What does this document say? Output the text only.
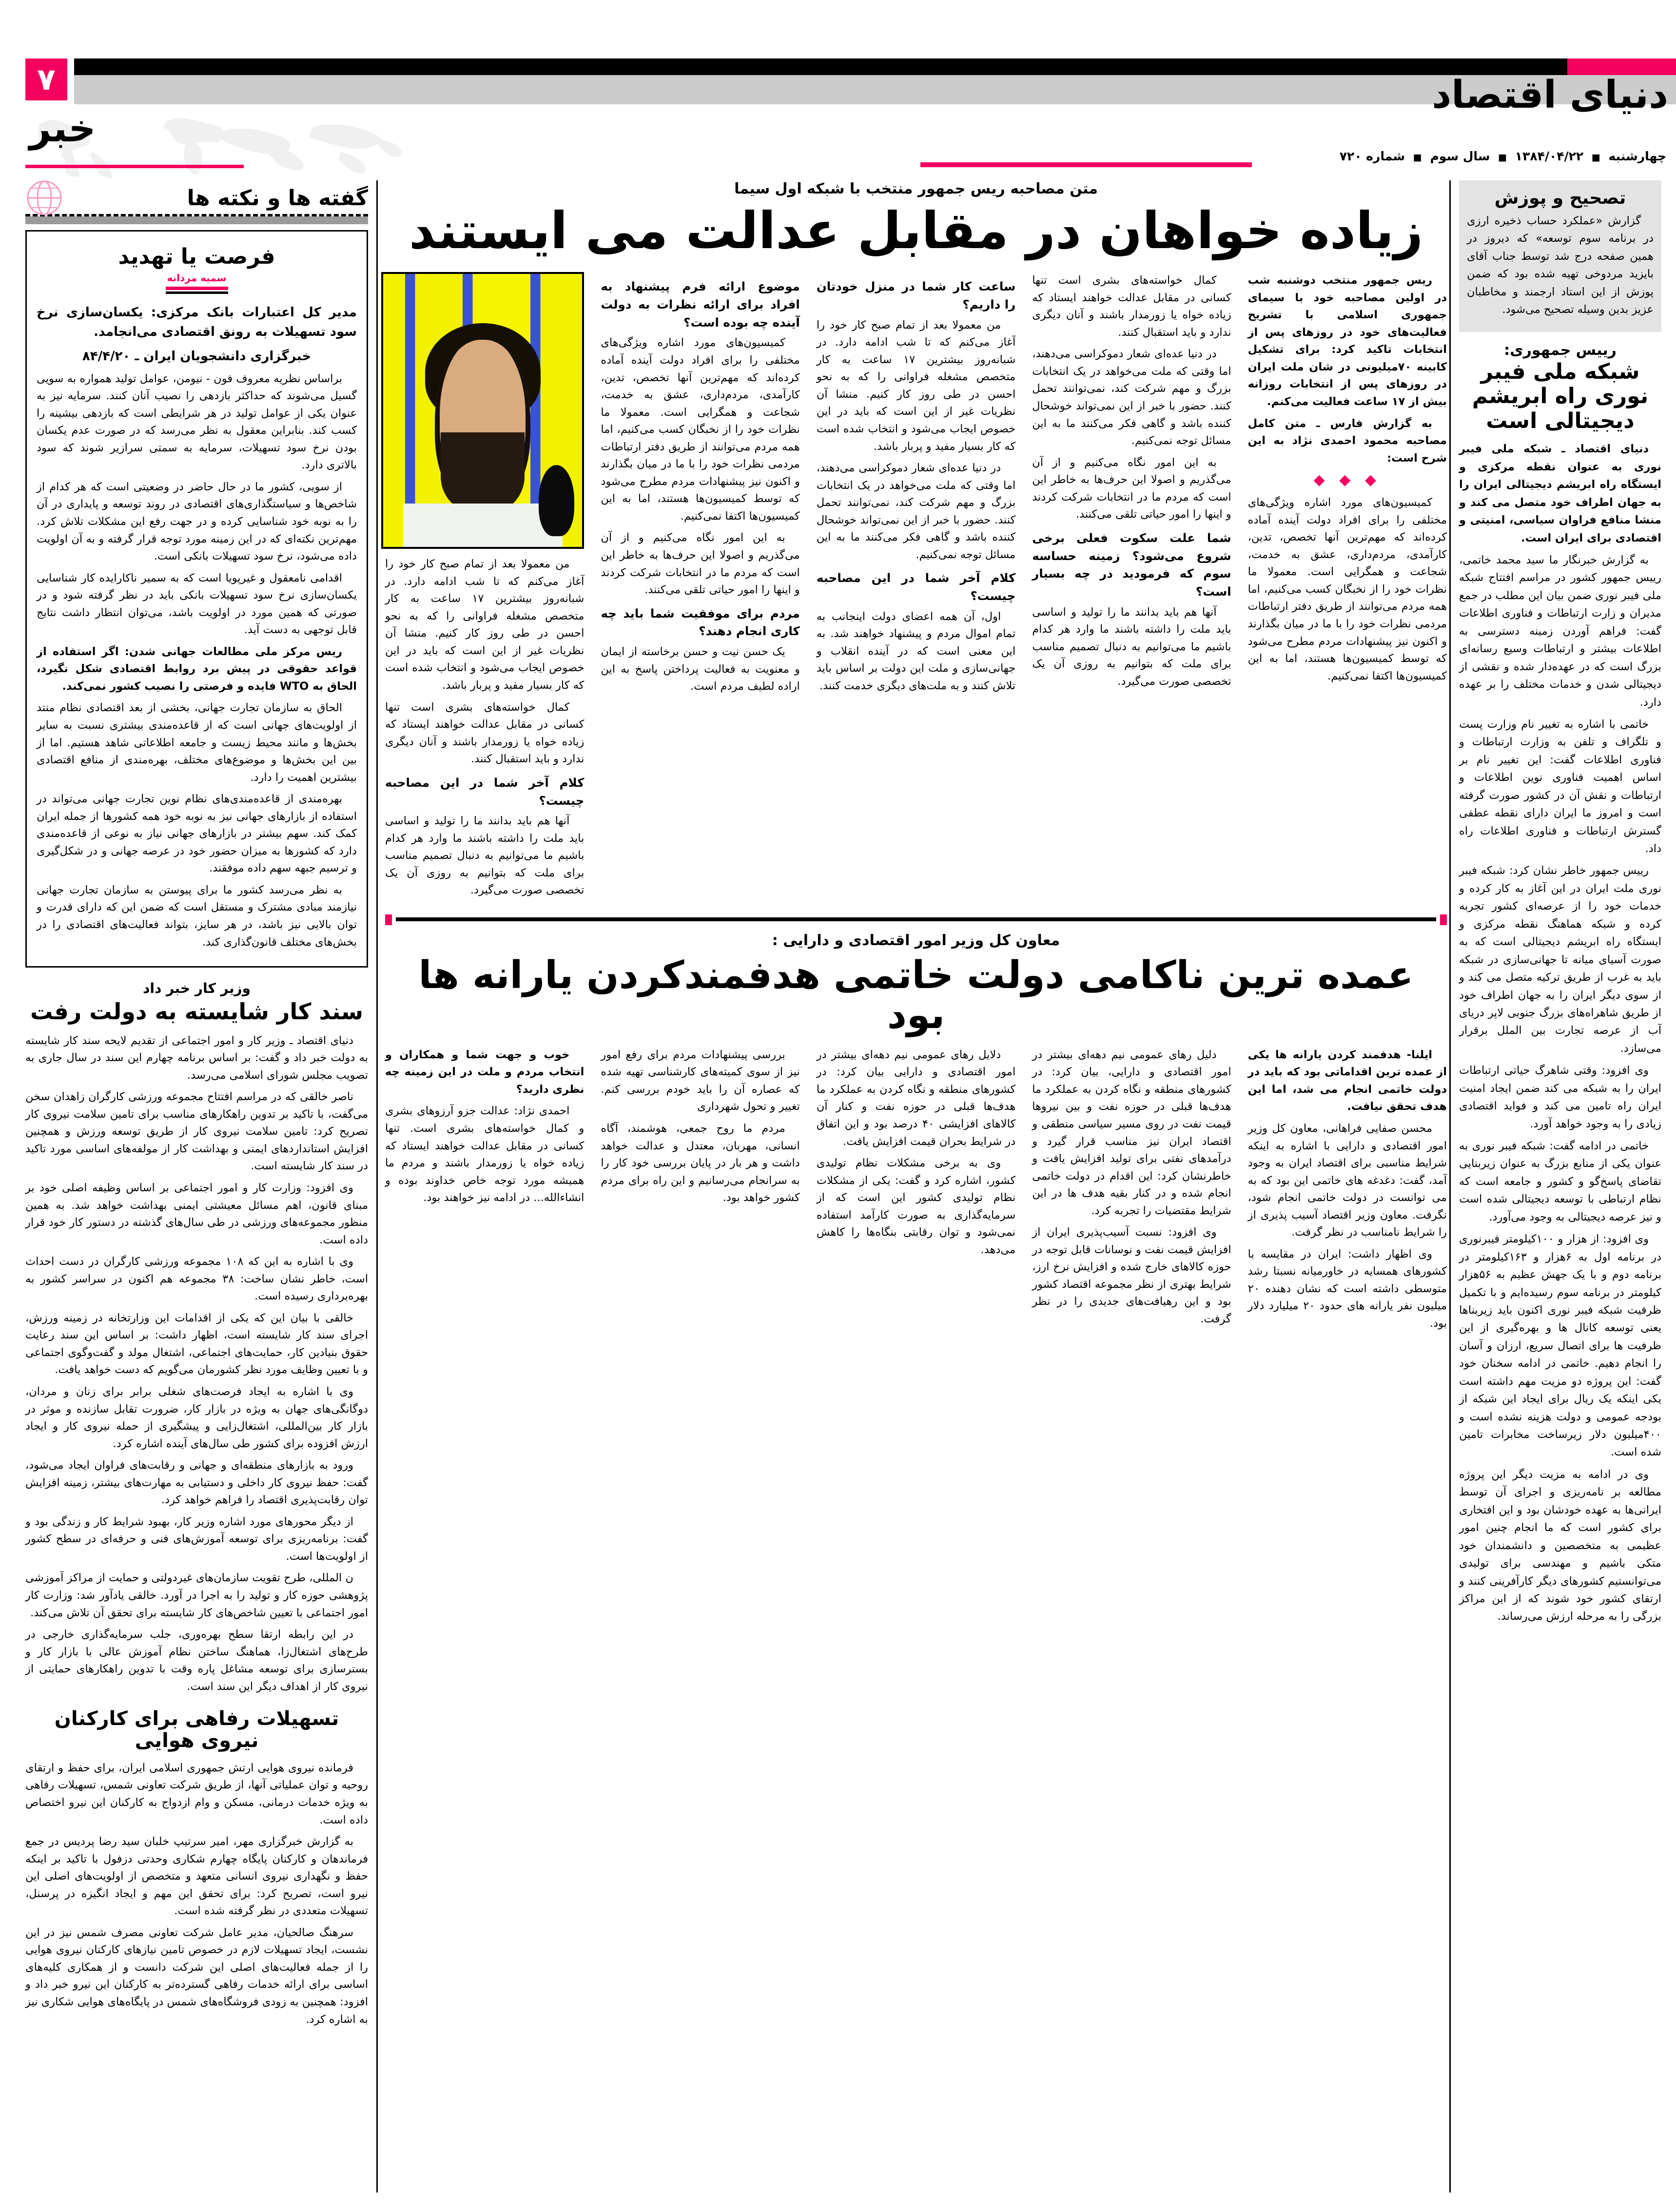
۷	دنیای اقتصاد
خبر
چهارشنبه ■ ۱۳۸۴/۰۴/۲۲ ■ سال سوم ■ شماره ۷۲۰
گفته ها و نکته ها
فرصت یا تهدید
سمیه مردانه
مدیر کل اعتبارات بانک مرکزی: یکسان‌سازی نرخ سود تسهیلات به رونق اقتصادی می‌انجامد.
خبرگزاری دانشجویان ایران ـ ۸۴/۴/۲۰

براساس نظریه معروف فون - نیومن، عوامل تولید همواره به سویی گسیل می‌شوند که حداکثر بازدهی را نصیب آنان کنند. سرمایه نیز به عنوان یکی از عوامل تولید در هر شرایطی است که بازدهی بیشینه را کسب کند. بنابراین معقول به نظر می‌رسد که در صورت عدم یکسان بودن نرخ سود تسهیلات، سرمایه به سمتی سرازیر شوند که سود بالاتری دارد.

از سویی، کشور ما در حال حاضر در وضعیتی است که هر کدام از شاخص‌ها و سیاستگذاری‌های اقتصادی در روند توسعه و پایداری در آن را به نوبه خود شناسایی کرده و در جهت رفع این مشکلات تلاش کرد. مهم‌ترین نکته‌ای که در این زمینه مورد توجه قرار گرفته و به آن اولویت داده می‌شود، نرخ سود تسهیلات بانکی است.

اقدامی نامعقول و غیرپویا است که به سمیر ناکارایده کار شناسایی یکسان‌سازی نرخ سود تسهیلات بانکی باید در نظر گرفته شود و در صورتی که همین مورد در اولویت باشد، می‌توان انتظار داشت نتایج قابل توجهی به دست آید.

ریس مرکز ملی مطالعات جهانی شدن: اگر استفاده از قواعد حقوقی در پیش برد روابط اقتصادی شکل نگیرد، الحاق به WTO فایده و فرصتی را نصیب کشور نمی‌کند.

الحاق به سازمان تجارت جهانی، بخشی از بعد اقتصادی نظام منتد از اولویت‌های جهانی است که از قاعده‌مندی بیشتری نسبت به سایر بخش‌ها و مانند محیط زیست و جامعه اطلاعاتی شاهد هستیم. اما از بین این بخش‌ها و موضوع‌های مختلف، بهره‌مندی از منافع اقتصادی بیشترین اهمیت را دارد.

بهره‌مندی از قاعده‌مندی‌های نظام نوین تجارت جهانی می‌تواند در استفاده از بازارهای جهانی نیز به نوبه خود همه کشورها از جمله ایران کمک کند. سهم بیشتر در بازارهای جهانی نیاز به نوعی از قاعده‌مندی دارد که کشورها به میزان حضور خود در عرصه جهانی و در شکل‌گیری و ترسیم جبهه سهم داده موفقند.

به نظر می‌رسد کشور ما برای پیوستن به سازمان تجارت جهانی نیازمند مبادی مشترک و مستقل است که ضمن این که دارای قدرت و توان بالایی نیز باشد، در هر سایز، بتواند فعالیت‌های اقتصادی را در بخش‌های مختلف قانون‌گذاری کند.

وزیر کار خبر داد
سند کار شایسته به دولت رفت

دنیای اقتصاد ـ وزیر کار و امور اجتماعی از تقدیم لایحه سند کار شایسته به دولت خبر داد و گفت: بر اساس برنامه چهارم این سند در سال جاری به تصویب مجلس شورای اسلامی می‌رسد.

ناصر خالقی که در مراسم افتتاح مجموعه ورزشی کارگران زاهدان سخن می‌گفت، با تاکید بر تدوین راهکارهای مناسب برای تامین سلامت نیروی کار تصریح کرد: تامین سلامت نیروی کار از طریق توسعه ورزش و همچنین افزایش استانداردهای ایمنی و بهداشت کار از مولفه‌های اساسی مورد تاکید در سند کار شایسته است.

وی افزود: وزارت کار و امور اجتماعی بر اساس وظیفه اصلی خود بر مبنای قانون، اهم مسائل معیشتی ایمنی بهداشت خواهد شد. به همین منظور مجموعه‌های ورزشی در طی سال‌های گذشته در دستور کار خود قرار داده است.

وی با اشاره به این که ۱۰۸ مجموعه ورزشی کارگران در دست احداث است، خاطر نشان ساخت: ۳۸ مجموعه هم اکنون در سراسر کشور به بهره‌برداری رسیده است.

خالقی با بیان این که یکی از اقدامات این وزارتخانه در زمینه ورزش، اجرای سند کار شایسته است، اظهار داشت: بر اساس این سند رعایت حقوق بنیادین کار، حمایت‌های اجتماعی، اشتغال مولد و گفت‌وگوی اجتماعی و با تعیین وظایف مورد نظر کشورمان می‌گویم که دست خواهد یافت.

وی با اشاره به ایجاد فرصت‌های شغلی برابر برای زنان و مردان، دوگانگی‌های جهان به ویژه در بازار کار، ضرورت تقابل سازنده و موثر در بازار کار بین‌المللی، اشتغال‌زایی و پیشگیری از حمله نیروی کار و ایجاد ارزش افزوده برای کشور طی سال‌های آینده اشاره کرد.

ورود به بازارهای منطقه‌ای و جهانی و رقابت‌های فراوان ایجاد می‌شود، گفت: حفظ نیروی کار داخلی و دستیابی به مهارت‌های بیشتر، زمینه افزایش توان رقابت‌پذیری اقتصاد را فراهم خواهد کرد.

از دیگر محورهای مورد اشاره وزیر کار، بهبود شرایط کار و زندگی بود و گفت: برنامه‌ریزی برای توسعه آموزش‌های فنی و حرفه‌ای در سطح کشور از اولویت‌ها است.

ن المللی، طرح تقویت سازمان‌های غیردولتی و حمایت از مراکز آموزشی پژوهشی حوزه کار و تولید را به اجرا در آورد. خالقی یادآور شد: وزارت کار امور اجتماعی با تعیین شاخص‌های کار شایسته برای تحقق آن تلاش می‌کند.

در این رابطه ارتقا سطح بهره‌وری، جلب سرمایه‌گذاری خارجی در طرح‌های اشتغال‌زا، هماهنگ ساختن نظام آموزش عالی با بازار کار و بستر‌سازی برای توسعه مشاغل پاره وقت با تدوین راهکارهای حمایتی از نیروی کار از اهداف دیگر این سند است.

تسهیلات رفاهی برای کارکنان نیروی هوایی

فرمانده نیروی هوایی ارتش جمهوری اسلامی ایران، برای حفظ و ارتقای روحیه و توان عملیاتی آنها، از طریق شرکت تعاونی شمس، تسهیلات رفاهی به ویژه خدمات درمانی، مسکن و وام ازدواج به کارکنان این نیرو اختصاص داده است.

به گزارش خبرگزاری مهر، امیر سرتیپ خلبان سید رضا پردیس در جمع فرماندهان و کارکنان پایگاه چهارم شکاری وحدتی دزفول با تاکید بر اینکه حفظ و نگهداری نیروی انسانی متعهد و متخصص از اولویت‌های اصلی این نیرو است، تصریح کرد: برای تحقق این مهم و ایجاد انگیزه در پرسنل، تسهیلات متعددی در نظر گرفته شده است.

سرهنگ صالحیان، مدیر عامل شرکت تعاونی مصرف شمس نیز در این نشست، ایجاد تسهیلات لازم در خصوص تامین نیازهای کارکنان نیروی هوایی را از جمله فعالیت‌های اصلی این شرکت دانست و از همکاری کلیه‌های اساسی برای ارائه خدمات رفاهی گسترده‌تر به کارکنان این نیرو خبر داد و افزود: همچنین به زودی فروشگاه‌های شمس در پایگاه‌های هوایی شکاری نیز به اشاره کرد.

متن مصاحبه ریس جمهور منتخب با شبکه اول سیما
زیاده خواهان در مقابل عدالت می ایستند

ریس جمهور منتخب دوشنبه شب در اولین مصاحبه خود با سیمای جمهوری اسلامی با تشریح فعالیت‌های خود در روزهای پس از انتخابات تاکید کرد: برای تشکیل کابینه ۷۰میلیونی در شان ملت ایران در روزهای پس از انتخابات روزانه بیش از ۱۷ ساعت فعالیت می‌کنم.

به گزارش فارس ـ متن کامل مصاحبه محمود احمدی نژاد به این شرح است:

◆ ◆ ◆

کمیسیون‌های مورد اشاره ویژگی‌های مختلفی را برای افراد دولت آینده آماده کرده‌اند که مهم‌ترین آنها تخصص، تدین، کارآمدی، مردم‌داری، عشق به خدمت، شجاعت و همگرایی است. معمولا ما نظرات خود را از نخبگان کسب می‌کنیم، اما همه مردم می‌توانند از طریق دفتر ارتباطات مردمی نظرات خود را با ما در میان بگذارند و اکنون نیز پیشنهادات مردم مطرح می‌شود که توسط کمیسیون‌ها هستند، اما به این کمیسیون‌ها اکتفا نمی‌کنیم.

کمال خواسته‌های بشری است تنها کسانی در مقابل عدالت خواهند ایستاد که زیاده خواه یا زورمدار باشند و آنان دیگری ندارد و باید استقبال کنند.

در دنیا عده‌ای شعار دموکراسی می‌دهند، اما وقتی که ملت می‌خواهد در یک انتخابات بزرگ و مهم شرکت کند، نمی‌توانند تحمل کنند. حضور با خبر از این نمی‌تواند خوشحال کننده باشد و گاهی فکر می‌کنند ما به این مسائل توجه نمی‌کنیم.

به این امور نگاه می‌کنیم و از آن می‌گذریم و اصولا این حرف‌ها به خاطر این است که مردم ما در انتخابات شرکت کردند و اینها را امور حیاتی تلقی می‌کنند.

شما علت سکوت فعلی برخی شروع می‌شود؟ زمینه حساسه سوم که فرمودید در چه بسیار است؟

آنها هم باید بدانند ما را تولید و اساسی باید ملت را داشته باشند ما وارد هر کدام باشیم ما می‌توانیم به دنبال تصمیم مناسب برای ملت که بتوانیم به روزی آن یک تخصصی صورت می‌گیرد.

ساعت کار شما در منزل خودتان را داریم؟

من معمولا بعد از تمام صبح کار خود را آغاز می‌کنم که تا شب ادامه دارد. در شبانه‌روز بیشترین ۱۷ ساعت به کار متخصص مشغله فراوانی را که به نحو احسن در طی روز کار کنیم. منشا آن نظریات غیر از این است که باید در این خصوص ایجاب می‌شود و انتخاب شده است که کار بسیار مفید و پربار باشد.

در دنیا عده‌ای شعار دموکراسی می‌دهند، اما وقتی که ملت می‌خواهد در یک انتخابات بزرگ و مهم شرکت کند، نمی‌توانند تحمل کنند. حضور با خبر از این نمی‌تواند خوشحال کننده باشد و گاهی فکر می‌کنند ما به این مسائل توجه نمی‌کنیم.

کلام آخر شما در این مصاحبه چیست؟

اول، آن همه اعضای دولت اینجانب به تمام اموال مردم و پیشنهاد خواهند شد. به این معنی است که در آینده انقلاب و جهانی‌سازی و ملت این دولت بر اساس باید تلاش کنند و به ملت‌های دیگری خدمت کنند.

موضوع ارائه فرم پیشنهاد به افراد برای ارائه نظرات به دولت آینده چه بوده است؟

کمیسیون‌های مورد اشاره ویژگی‌های مختلفی را برای افراد دولت آینده آماده کرده‌اند که مهم‌ترین آنها تخصص، تدین، کارآمدی، مردم‌داری، عشق به خدمت، شجاعت و همگرایی است. معمولا ما نظرات خود را از نخبگان کسب می‌کنیم، اما همه مردم می‌توانند از طریق دفتر ارتباطات مردمی نظرات خود را با ما در میان بگذارند و اکنون نیز پیشنهادات مردم مطرح می‌شود که توسط کمیسیون‌ها هستند، اما به این کمیسیون‌ها اکتفا نمی‌کنیم.

به این امور نگاه می‌کنیم و از آن می‌گذریم و اصولا این حرف‌ها به خاطر این است که مردم ما در انتخابات شرکت کردند و اینها را امور حیاتی تلقی می‌کنند.

مردم برای موفقیت شما باید چه کاری انجام دهند؟

یک حسن نیت و حسن برخاسته از ایمان و معنویت به فعالیت پرداختن پاسخ به این اراده لطیف مردم است.

من معمولا بعد از تمام صبح کار خود را آغاز می‌کنم که تا شب ادامه دارد. در شبانه‌روز بیشترین ۱۷ ساعت به کار متخصص مشغله فراوانی را که به نحو احسن در طی روز کار کنیم. منشا آن نظریات غیر از این است که باید در این خصوص ایجاب می‌شود و انتخاب شده است که کار بسیار مفید و پربار باشد.

کمال خواسته‌های بشری است تنها کسانی در مقابل عدالت خواهند ایستاد که زیاده خواه یا زورمدار باشند و آنان دیگری ندارد و باید استقبال کنند.

کلام آخر شما در این مصاحبه چیست؟

آنها هم باید بدانند ما را تولید و اساسی باید ملت را داشته باشند ما وارد هر کدام باشیم ما می‌توانیم به دنبال تصمیم مناسب برای ملت که بتوانیم به روزی آن یک تخصصی صورت می‌گیرد.

معاون کل وزیر امور اقتصادی و دارایی :
عمده ترین ناکامی دولت خاتمی هدفمندکردن یارانه ها بود

ایلنا- هدفمند کردن یارانه ها یکی از عمده ترین اقداماتی بود که باید در دولت خاتمی انجام می شد، اما این هدف تحقق نیافت.

محسن صفایی فراهانی، معاون کل وزیر امور اقتصادی و دارایی با اشاره به اینکه شرایط مناسبی برای اقتصاد ایران به وجود آمد، گفت: دغدغه های خاتمی این بود که به می توانست در دولت خاتمی انجام شود، نگرفت. معاون وزیر اقتصاد آسیب پذیری از را شرایط نامناسب در نظر گرفت.

وی اظهار داشت: ایران در مقایسه با کشورهای همسایه در خاورمیانه نسبتا رشد متوسطی داشته است که نشان دهنده ۲۰ میلیون نفر یارانه های حدود ۲۰ میلیارد دلار بود.

دلیل رهای عمومی نیم دهه‌ای بیشتر در امور اقتصادی و دارایی، بیان کرد: در کشورهای منطقه و نگاه کردن به عملکرد ما هدف‌ها قبلی در حوزه نفت و بین نیروها قیمت نفت در روی مسیر سیاسی منطقی و اقتصاد ایران نیز مناسب قرار گیرد و درآمدهای نفتی برای تولید افزایش یافت و خاطرنشان کرد: این اقدام در دولت خاتمی انجام شده و در کنار بقیه هدف ها در این شرایط مقتضیات را تجربه کرد.

وی افزود: نسبت آسیب‌پذیری ایران از افزایش قیمت نفت و نوسانات قابل توجه در حوزه کالاهای خارج شده و افزایش نرخ ارز، شرایط بهتری از نظر مجموعه اقتصاد کشور بود و این رهیافت‌های جدیدی را در نظر گرفت.

دلایل رهای عمومی نیم دهه‌ای بیشتر در امور اقتصادی و دارایی بیان کرد: در کشورهای منطقه و نگاه کردن به عملکرد ما هدف‌ها قبلی در حوزه نفت و کنار آن کالا‌های افزایشی ۴۰ درصد بود و این اتفاق در شرایط بحران قیمت افزایش یافت.

وی به برخی مشکلات نظام تولیدی کشور، اشاره کرد و گفت: یکی از مشکلات نظام تولیدی کشور این است که از سرمایه‌گذاری به صورت کارآمد استفاده نمی‌شود و توان رقابتی بنگاه‌ها را کاهش می‌دهد.

بررسی پیشنهادات مردم برای رفع امور نیز از سوی کمیته‌های کارشناسی تهیه شده که عصاره آن را باید خودم بررسی کنم. تغییر و تحول شهرداری

مردم ما روح جمعی، هوشمند، آگاه انسانی، مهربان، معتدل و عدالت خواهد داشت و هر بار در پایان بررسی خود کار را به سرانجام می‌رسانیم و این راه برای مردم کشور خواهد بود.

خوب و جهت شما و همکاران و انتخاب مردم و ملت در این زمینه چه نظری دارید؟

احمدی نژاد: عدالت جزو آرزوهای بشری و کمال خواسته‌های بشری است. تنها کسانی در مقابل عدالت خواهند ایستاد که زیاده خواه یا زورمدار باشند و مردم ما همیشه مورد توجه خاص خداوند بوده و انشاءالله... در ادامه نیز خواهند بود.

تصحیح و پوزش

گزارش «عملکرد حساب ذخیره ارزی در برنامه سوم توسعه» که دیروز در همین صفحه درج شد توسط جناب آقای بایزید مردوخی تهیه شده بود که ضمن پوزش از این استاد ارجمند و مخاطبان عزیز بدین وسیله تصحیح می‌شود.

رییس جمهوری:
شبکه ملی فیبر نوری راه ابریشم دیجیتالی است

دنیای اقتصاد ـ شبکه ملی فیبر نوری به عنوان نقطه مرکزی و ایستگاه راه ابریشم دیجیتالی ایران را به جهان اطراف خود متصل می کند و منشا منافع فراوان سیاسی، امنیتی و اقتصادی برای ایران است.

به گزارش خبرنگار ما سید محمد خاتمی، رییس جمهور کشور در مراسم افتتاح شبکه ملی فیبر نوری ضمن بیان این مطلب در جمع مدیران و زارت ارتباطات و فناوری اطلاعات گفت: فراهم آوردن زمینه دسترسی به اطلاعات بیشتر و ارتباطات وسیع رسانه‌ای بزرگ است که در عهده‌دار شده و نقشی از دیجیتالی شدن و خدمات مختلف را بر عهده دارد.

خاتمی با اشاره به تغییر نام وزارت پست و تلگراف و تلفن به وزارت ارتباطات و فناوری اطلاعات گفت: این تغییر نام بر اساس اهمیت فناوری نوین اطلاعات و ارتباطات و نقش آن در کشور صورت گرفته است و امروز ما ایران دارای نقطه عطفی گسترش ارتباطات و فناوری اطلاعات راه داد.

رییس جمهور خاطر نشان کرد: شبکه فیبر نوری ملت ایران در این آغاز به کار کرده و خدمات خود را از عرصه‌ای کشور تجربه کرده و شبکه هماهنگ نقطه مرکزی و ایستگاه راه ابریشم دیجیتالی است که به صورت آسیای میانه تا جهانی‌سازی در شبکه باید به غرب از طریق ترکیه متصل می کند و از سوی دیگر ایران را به جهان اطراف خود از طریق شاهراه‌های بزرگ جنوبی لاپر دریای آب از عرصه تجارت بین الملل برقرار می‌سازد.

وی افزود: وقتی شاهرگ حیاتی ارتباطات ایران را به شبکه می کند ضمن ایجاد امنیت ایران راه تامین می کند و فواید اقتصادی زیادی را به وجود خواهد آورد.

خاتمی در ادامه گفت: شبکه فیبر نوری به عنوان یکی از منابع بزرگ به عنوان زیربنایی تقاضای پاسخ‌گو و کشور و جامعه است که نظام ارتباطی با توسعه دیجیتالی شده است و نیز عرصه دیجیتالی به وجود می‌آورد.

وی افزود: از هزار و ۱۰۰کیلومتر فیبرنوری در برنامه اول به ۶هزار و ۱۶۳کیلومتر در برنامه دوم و با یک جهش عظیم به ۵۶هزار کیلومتر در برنامه سوم رسیده‌ایم و با تکمیل ظرفیت شبکه فیبر نوری اکنون باید زیربناها یعنی توسعه کانال ها و بهره‌گیری از این ظرفیت ها برای اتصال سریع، ارزان و آسان را انجام دهیم. خاتمی در ادامه سخنان خود گفت: این پروژه دو مزیت مهم داشته است یکی اینکه یک ریال برای ایجاد این شبکه از بودجه عمومی و دولت هزینه نشده است و ۴۰۰میلیون دلار زیرساخت مخابرات تامین شده است.

وی در ادامه به مزیت دیگر این پروژه مطالعه بر نامه‌ریزی و اجرای آن توسط ایرانی‌ها به عهده خودشان بود و این افتخاری برای کشور است که ما انجام چنین امور عظیمی به متخصصین و دانشمندان خود متکی باشیم و مهندسی برای تولیدی می‌توانستیم کشورهای دیگر کارآفرینی کنند و ارتقای کشور خود شوند که از این مراکز بزرگی را به مرحله ارزش می‌رساند.
